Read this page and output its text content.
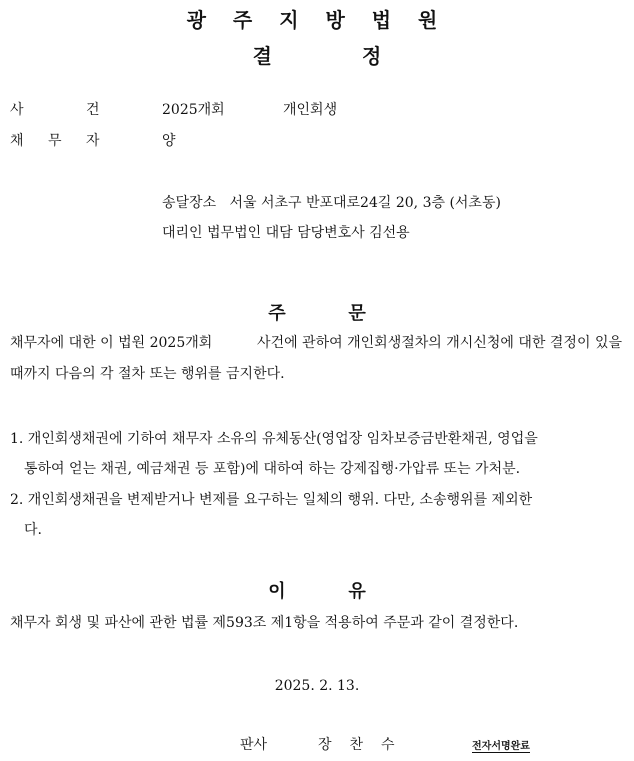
광 주 지 방 법 원
결	정
사	건	2025개회	개인회생
채 무 자	양
송달장소   서울 서초구 반포대로24길 20, 3층 (서초동)
대리인 법무법인 대담 담당변호사 김선용
주          문
채무자에 대한 이 법원 2025개회          사건에 관하여 개인회생절차의 개시신청에 대한 결정이 있을 때까지 다음의 각 절차 또는 행위를 금지한다.
1. 개인회생채권에 기하여 채무자 소유의 유체동산(영업장 임차보증금반환채권, 영업을
통하여 얻는 채권, 예금채권 등 포함)에 대하여 하는 강제집행·가압류 또는 가처분.
2. 개인회생채권을 변제받거나 변제를 요구하는 일체의 행위. 다만, 소송행위를 제외한
다.
이          유
채무자 회생 및 파산에 관한 법률 제593조 제1항을 적용하여 주문과 같이 결정한다.
2025. 2. 13.
판사	장찬수	전자서명완료
